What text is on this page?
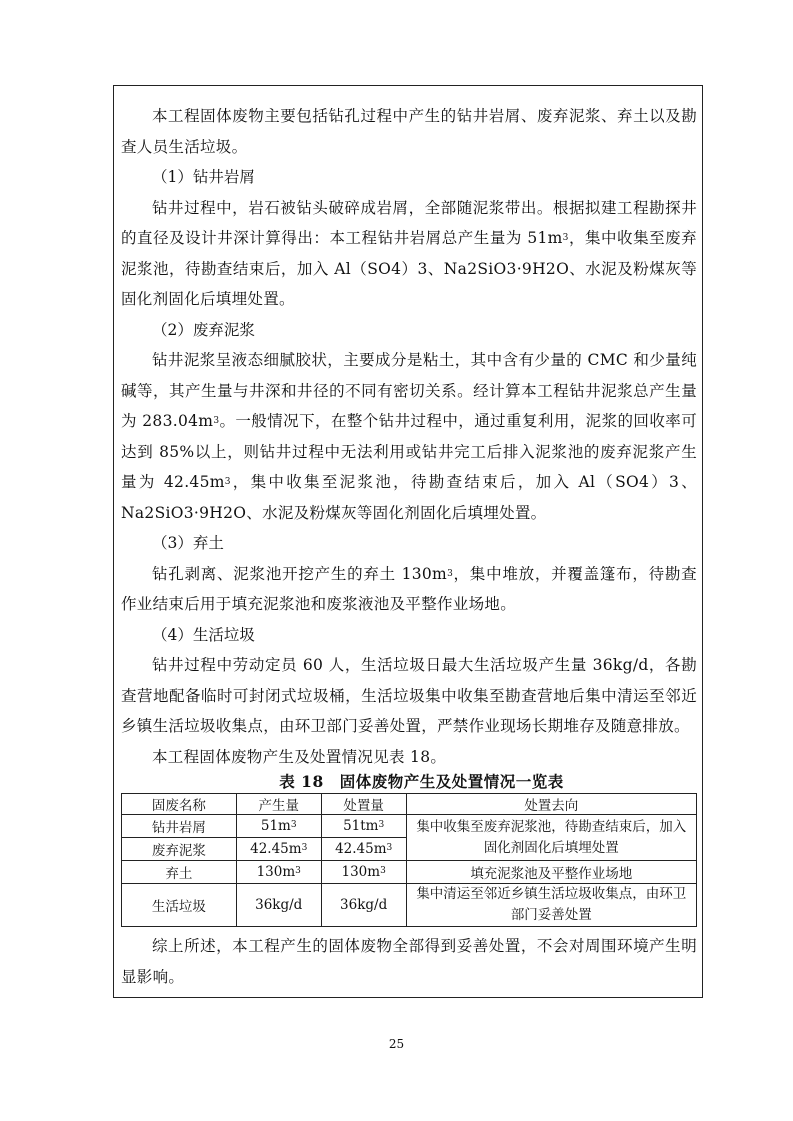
本工程固体废物主要包括钻孔过程中产生的钻井岩屑、废弃泥浆、弃土以及勘查人员生活垃圾。

（1）钻井岩屑

钻井过程中，岩石被钻头破碎成岩屑，全部随泥浆带出。根据拟建工程勘探井的直径及设计井深计算得出：本工程钻井岩屑总产生量为 $51m^3$，集中收集至废弃泥浆池，待勘查结束后，加入 Al（SO4）3、Na2SiO3·9H2O、水泥及粉煤灰等固化剂固化后填埋处置。

（2）废弃泥浆

钻井泥浆呈液态细腻胶状，主要成分是粘土，其中含有少量的 CMC 和少量纯碱等，其产生量与井深和井径的不同有密切关系。经计算本工程钻井泥浆总产生量为 $283.04m^3$。一般情况下，在整个钻井过程中，通过重复利用，泥浆的回收率可达到 85%以上，则钻井过程中无法利用或钻井完工后排入泥浆池的废弃泥浆产生量为 $42.45m^3$，集中收集至泥浆池，待勘查结束后，加入 Al（SO4）3、Na2SiO3·9H2O、水泥及粉煤灰等固化剂固化后填埋处置。

（3）弃土

钻孔剥离、泥浆池开挖产生的弃土 $130m^3$，集中堆放，并覆盖篷布，待勘查作业结束后用于填充泥浆池和废浆液池及平整作业场地。

（4）生活垃圾

钻井过程中劳动定员 60 人，生活垃圾日最大生活垃圾产生量 36kg/d，各勘查营地配备临时可封闭式垃圾桶，生活垃圾集中收集至勘查营地后集中清运至邻近乡镇生活垃圾收集点，由环卫部门妥善处置，严禁作业现场长期堆存及随意排放。

本工程固体废物产生及处置情况见表 18。

表 18　固体废物产生及处置情况一览表

固废名称	产生量	处置量	处置去向
钻井岩屑	$51m^3$	$51tm^3$	集中收集至废弃泥浆池，待勘查结束后，加入固化剂固化后填埋处置
废弃泥浆	$42.45m^3$	$42.45m^3$
弃土	$130m^3$	$130m^3$	填充泥浆池及平整作业场地
生活垃圾	36kg/d	36kg/d	集中清运至邻近乡镇生活垃圾收集点，由环卫部门妥善处置

综上所述，本工程产生的固体废物全部得到妥善处置，不会对周围环境产生明显影响。

25
